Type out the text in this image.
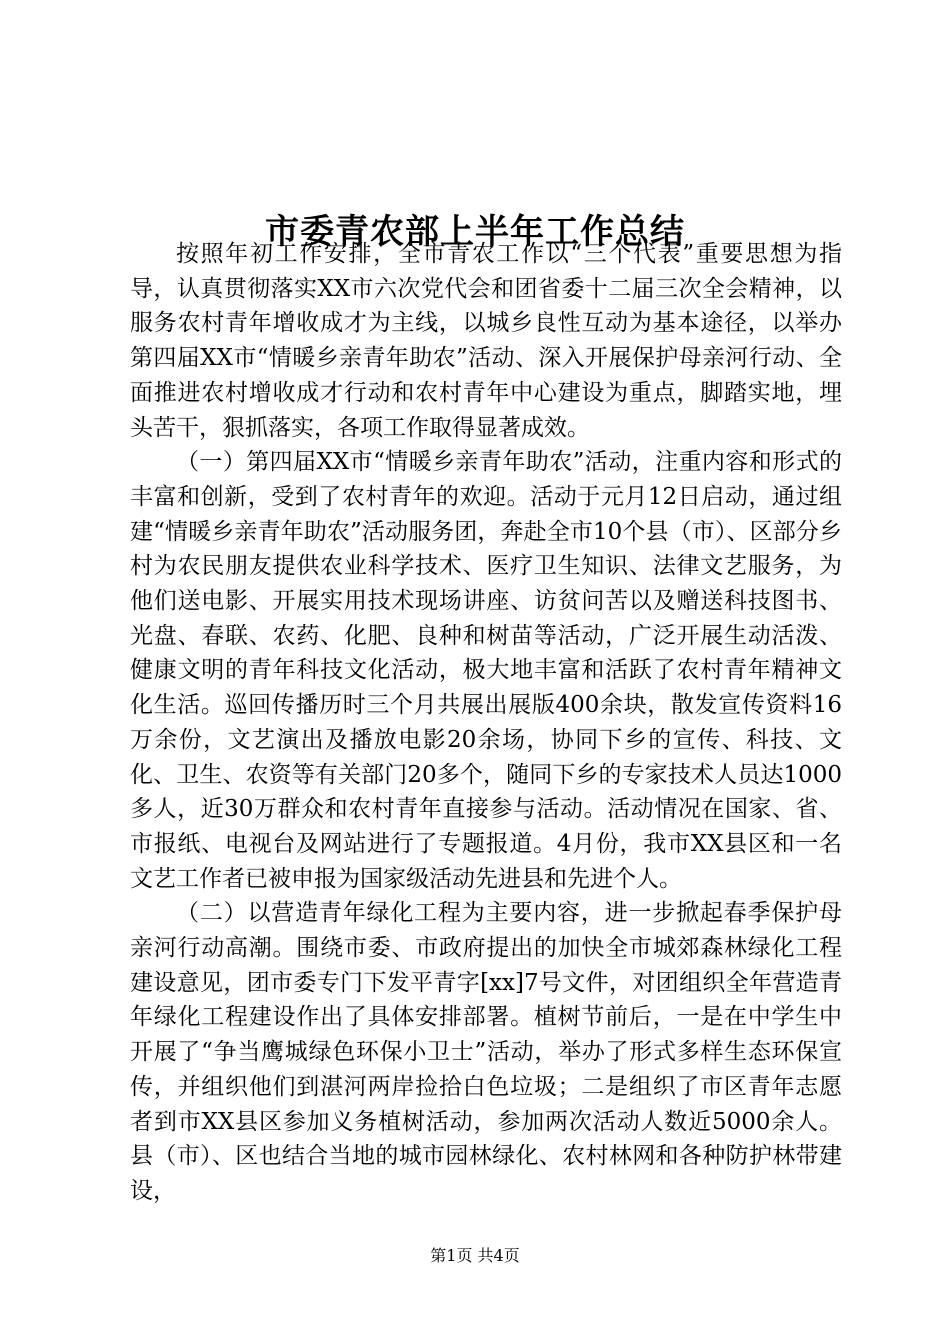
市委青农部上半年工作总结

按照年初工作安排，全市青农工作以“三个代表”重要思想为指导，认真贯彻落实XX市六次党代会和团省委十二届三次全会精神，以服务农村青年增收成才为主线，以城乡良性互动为基本途径，以举办第四届XX市“情暖乡亲青年助农”活动、深入开展保护母亲河行动、全面推进农村增收成才行动和农村青年中心建设为重点，脚踏实地，埋头苦干，狠抓落实，各项工作取得显著成效。

（一）第四届XX市“情暖乡亲青年助农”活动，注重内容和形式的丰富和创新，受到了农村青年的欢迎。活动于元月12日启动，通过组建“情暖乡亲青年助农”活动服务团，奔赴全市10个县（市）、区部分乡村为农民朋友提供农业科学技术、医疗卫生知识、法律文艺服务，为他们送电影、开展实用技术现场讲座、访贫问苦以及赠送科技图书、光盘、春联、农药、化肥、良种和树苗等活动，广泛开展生动活泼、健康文明的青年科技文化活动，极大地丰富和活跃了农村青年精神文化生活。巡回传播历时三个月共展出展版400余块，散发宣传资料16万余份，文艺演出及播放电影20余场，协同下乡的宣传、科技、文化、卫生、农资等有关部门20多个，随同下乡的专家技术人员达1000多人，近30万群众和农村青年直接参与活动。活动情况在国家、省、市报纸、电视台及网站进行了专题报道。4月份，我市XX县区和一名文艺工作者已被申报为国家级活动先进县和先进个人。

（二）以营造青年绿化工程为主要内容，进一步掀起春季保护母亲河行动高潮。围绕市委、市政府提出的加快全市城郊森林绿化工程建设意见，团市委专门下发平青字[xx]7号文件，对团组织全年营造青年绿化工程建设作出了具体安排部署。植树节前后，一是在中学生中开展了“争当鹰城绿色环保小卫士”活动，举办了形式多样生态环保宣传，并组织他们到湛河两岸捡拾白色垃圾；二是组织了市区青年志愿者到市XX县区参加义务植树活动，参加两次活动人数近5000余人。县（市）、区也结合当地的城市园林绿化、农村林网和各种防护林带建设，

第1页 共4页
